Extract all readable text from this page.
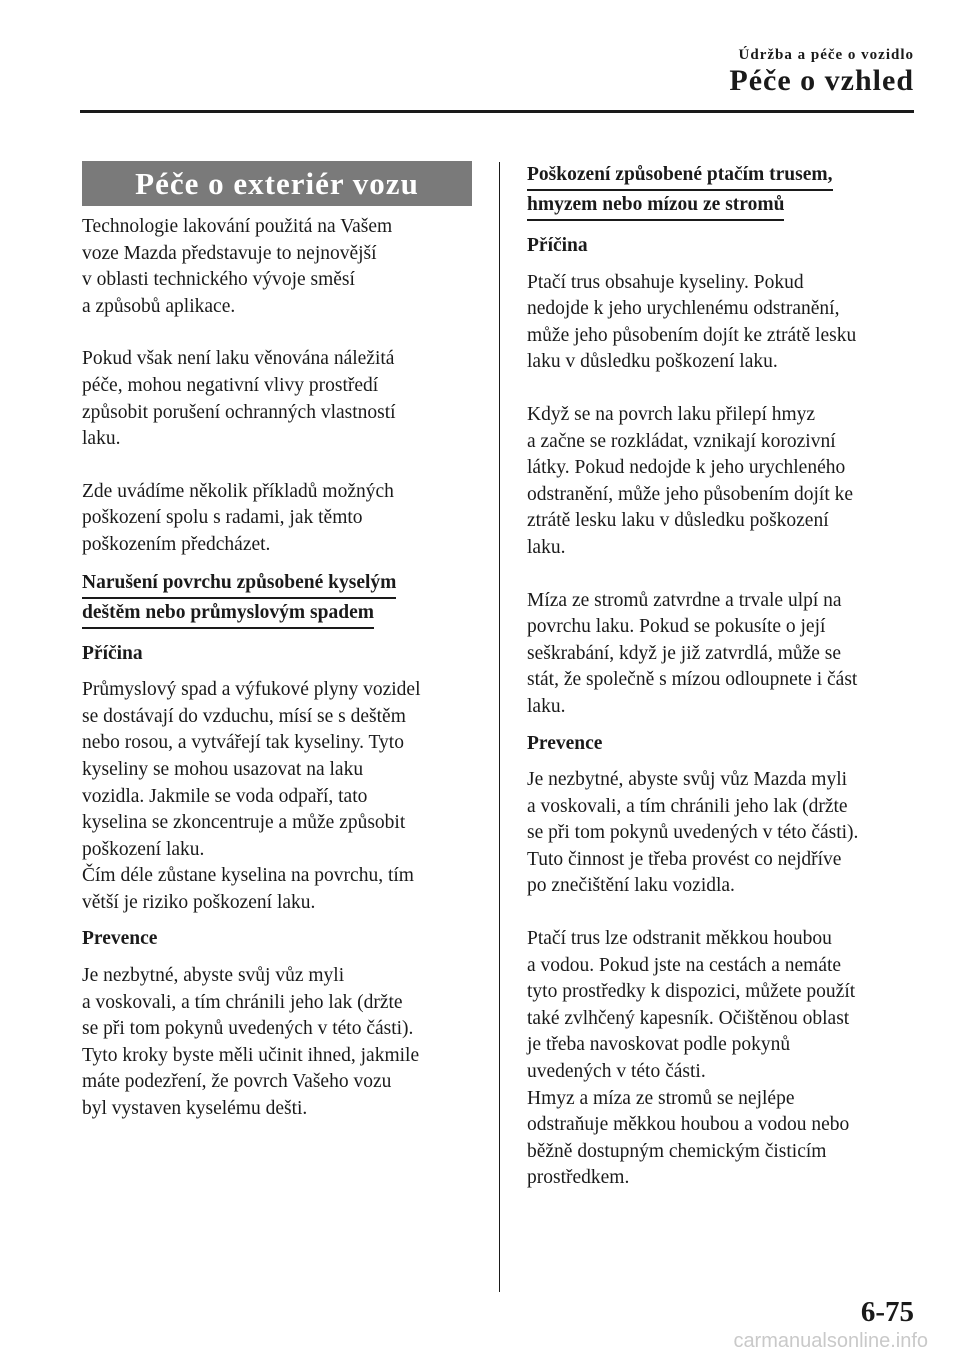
Údržba a péče o vozidlo
Péče o vzhled
Péče o exteriér vozu

Technologie lakování použitá na Vašem
voze Mazda představuje to nejnovější
v oblasti technického vývoje směsí
a způsobů aplikace.

Pokud však není laku věnována náležitá
péče, mohou negativní vlivy prostředí
způsobit porušení ochranných vlastností
laku.

Zde uvádíme několik příkladů možných
poškození spolu s radami, jak těmto
poškozením předcházet.

Narušení povrchu způsobené kyselým
deštěm nebo průmyslovým spadem
Příčina

Průmyslový spad a výfukové plyny vozidel
se dostávají do vzduchu, mísí se s deštěm
nebo rosou, a vytvářejí tak kyseliny. Tyto
kyseliny se mohou usazovat na laku
vozidla. Jakmile se voda odpaří, tato
kyselina se zkoncentruje a může způsobit
poškození laku.
Čím déle zůstane kyselina na povrchu, tím
větší je riziko poškození laku.

Prevence

Je nezbytné, abyste svůj vůz myli
a voskovali, a tím chránili jeho lak (držte
se při tom pokynů uvedených v této části).
Tyto kroky byste měli učinit ihned, jakmile
máte podezření, že povrch Vašeho vozu
byl vystaven kyselému dešti.

Poškození způsobené ptačím trusem,
hmyzem nebo mízou ze stromů
Příčina

Ptačí trus obsahuje kyseliny. Pokud
nedojde k jeho urychlenému odstranění,
může jeho působením dojít ke ztrátě lesku
laku v důsledku poškození laku.

Když se na povrch laku přilepí hmyz
a začne se rozkládat, vznikají korozivní
látky. Pokud nedojde k jeho urychleného
odstranění, může jeho působením dojít ke
ztrátě lesku laku v důsledku poškození
laku.

Míza ze stromů zatvrdne a trvale ulpí na
povrchu laku. Pokud se pokusíte o její
seškrabání, když je již zatvrdlá, může se
stát, že společně s mízou odloupnete i část
laku.

Prevence

Je nezbytné, abyste svůj vůz Mazda myli
a voskovali, a tím chránili jeho lak (držte
se při tom pokynů uvedených v této části).
Tuto činnost je třeba provést co nejdříve
po znečištění laku vozidla.

Ptačí trus lze odstranit měkkou houbou
a vodou. Pokud jste na cestách a nemáte
tyto prostředky k dispozici, můžete použít
také zvlhčený kapesník. Očištěnou oblast
je třeba navoskovat podle pokynů
uvedených v této části.
Hmyz a míza ze stromů se nejlépe
odstraňuje měkkou houbou a vodou nebo
běžně dostupným chemickým čisticím
prostředkem.

6-75
carmanualsonline.info
